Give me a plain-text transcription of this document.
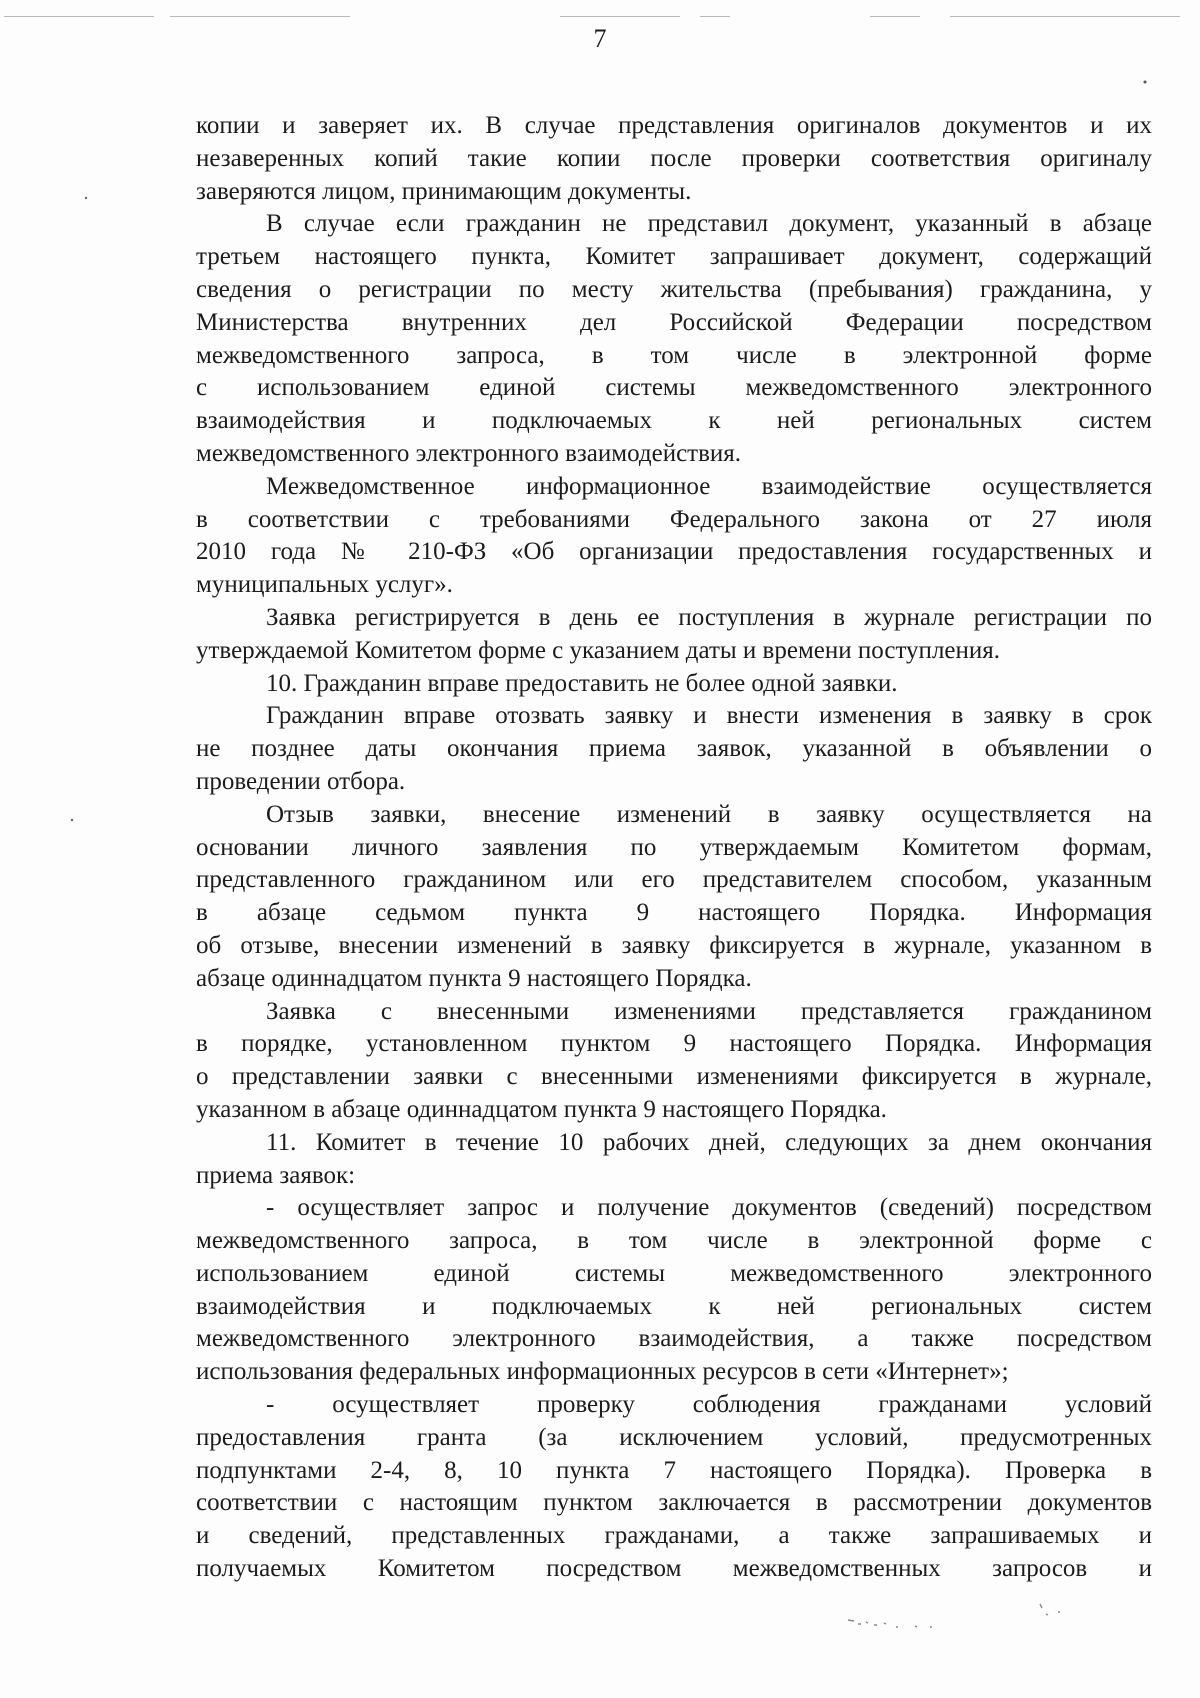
7
копии и заверяет их. В случае представления оригиналов документов и их
незаверенных копий такие копии после проверки соответствия оригиналу
заверяются лицом, принимающим документы.
В случае если гражданин не представил документ, указанный в абзаце
третьем настоящего пункта, Комитет запрашивает документ, содержащий
сведения о регистрации по месту жительства (пребывания) гражданина, у
Министерства внутренних дел Российской Федерации посредством
межведомственного запроса, в том числе в электронной форме
с использованием единой системы межведомственного электронного
взаимодействия и подключаемых к ней региональных систем
межведомственного электронного взаимодействия.
Межведомственное информационное взаимодействие осуществляется
в соответствии с требованиями Федерального закона от 27 июля
2010 года № 210-ФЗ «Об организации предоставления государственных и
муниципальных услуг».
Заявка регистрируется в день ее поступления в журнале регистрации по
утверждаемой Комитетом форме с указанием даты и времени поступления.
10. Гражданин вправе предоставить не более одной заявки.
Гражданин вправе отозвать заявку и внести изменения в заявку в срок
не позднее даты окончания приема заявок, указанной в объявлении о
проведении отбора.
Отзыв заявки, внесение изменений в заявку осуществляется на
основании личного заявления по утверждаемым Комитетом формам,
представленного гражданином или его представителем способом, указанным
в абзаце седьмом пункта 9 настоящего Порядка. Информация
об отзыве, внесении изменений в заявку фиксируется в журнале, указанном в
абзаце одиннадцатом пункта 9 настоящего Порядка.
Заявка с внесенными изменениями представляется гражданином
в порядке, установленном пунктом 9 настоящего Порядка. Информация
о представлении заявки с внесенными изменениями фиксируется в журнале,
указанном в абзаце одиннадцатом пункта 9 настоящего Порядка.
11. Комитет в течение 10 рабочих дней, следующих за днем окончания
приема заявок:
- осуществляет запрос и получение документов (сведений) посредством
межведомственного запроса, в том числе в электронной форме с
использованием единой системы межведомственного электронного
взаимодействия и подключаемых к ней региональных систем
межведомственного электронного взаимодействия, а также посредством
использования федеральных информационных ресурсов в сети «Интернет»;
- осуществляет проверку соблюдения гражданами условий
предоставления гранта (за исключением условий, предусмотренных
подпунктами 2-4, 8, 10 пункта 7 настоящего Порядка). Проверка в
соответствии с настоящим пунктом заключается в рассмотрении документов
и сведений, представленных гражданами, а также запрашиваемых и
получаемых Комитетом посредством межведомственных запросов и
